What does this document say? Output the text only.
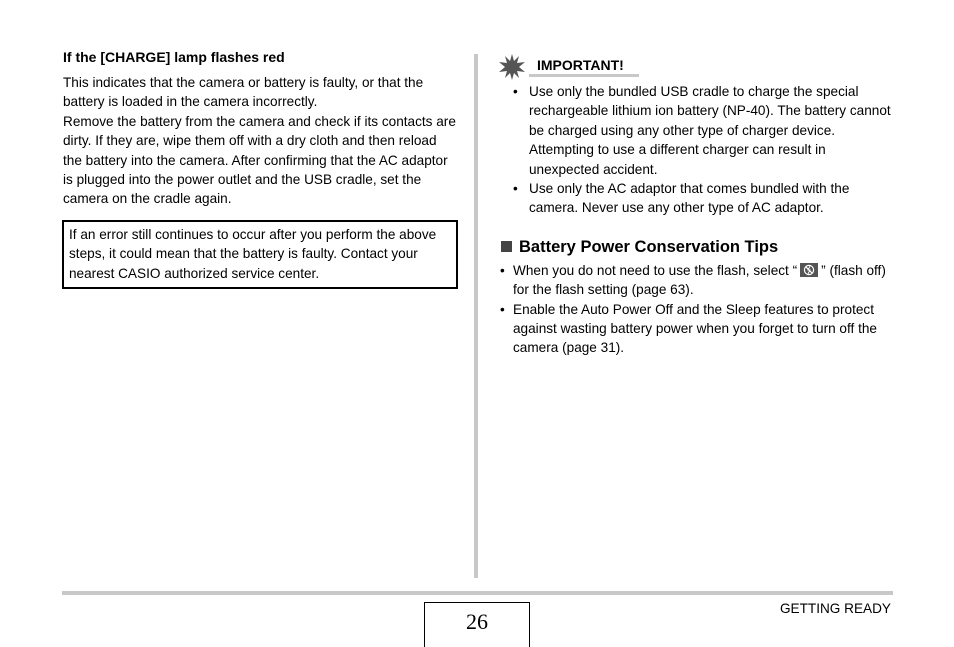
If the [CHARGE] lamp flashes red

This indicates that the camera or battery is faulty, or that the battery is loaded in the camera incorrectly.

Remove the battery from the camera and check if its contacts are dirty. If they are, wipe them off with a dry cloth and then reload the battery into the camera. After confirming that the AC adaptor is plugged into the power outlet and the USB cradle, set the camera on the cradle again.

If an error still continues to occur after you perform the above steps, it could mean that the battery is faulty. Contact your nearest CASIO authorized service center.
IMPORTANT!
• Use only the bundled USB cradle to charge the special rechargeable lithium ion battery (NP-40). The battery cannot be charged using any other type of charger device. Attempting to use a different charger can result in unexpected accident.
• Use only the AC adaptor that comes bundled with the camera. Never use any other type of AC adaptor.

Battery Power Conservation Tips

• When you do not need to use the flash, select “ ” (flash off) for the flash setting (page 63).
• Enable the Auto Power Off and the Sleep features to protect against wasting battery power when you forget to turn off the camera (page 31).
26
GETTING READY
